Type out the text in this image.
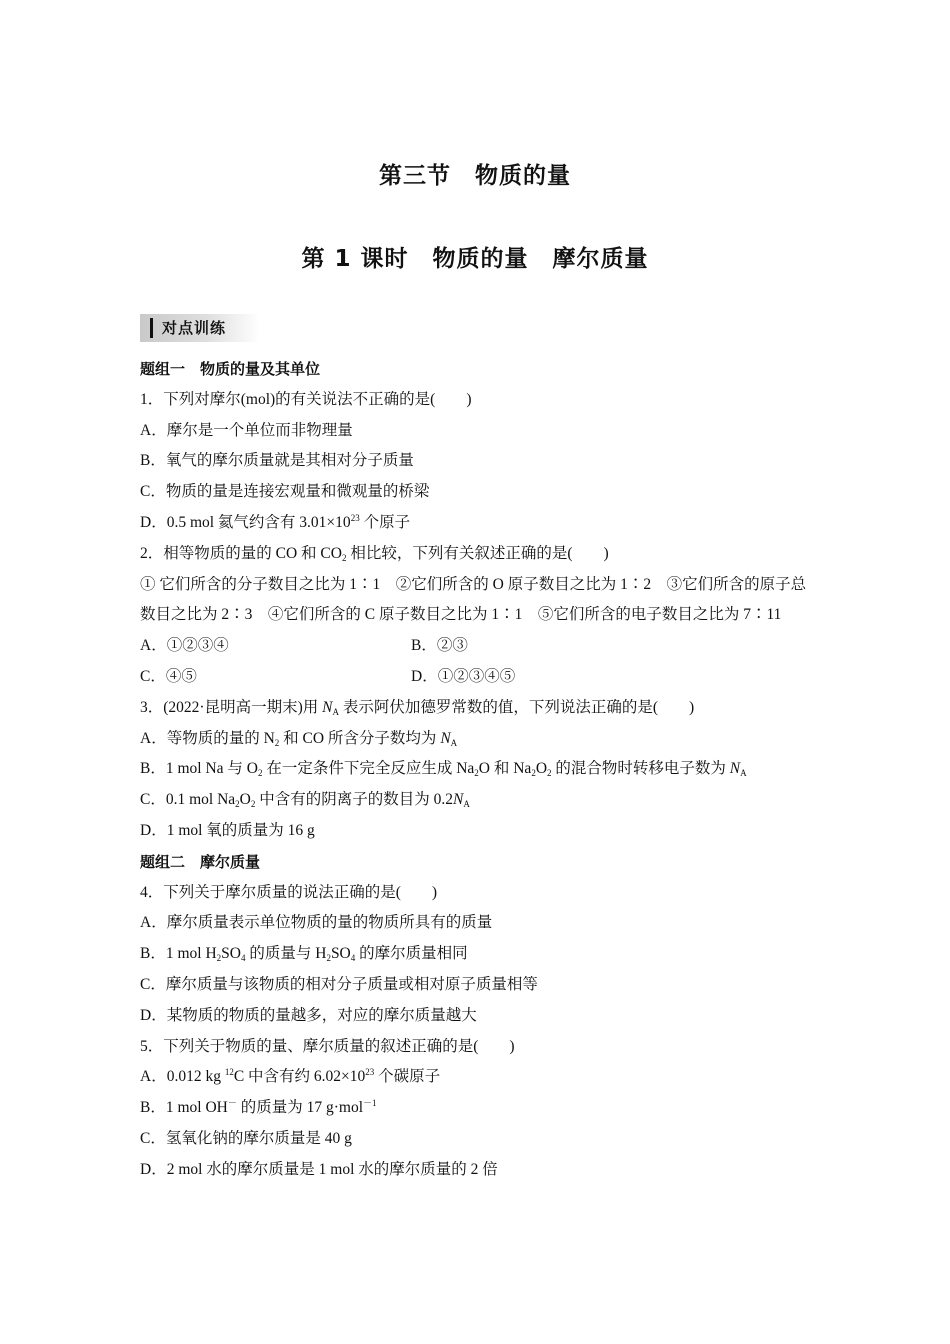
第三节　物质的量
第 1 课时　物质的量　摩尔质量
对点训练
题组一　物质的量及其单位
1．下列对摩尔(mol)的有关说法不正确的是(　　)
A．摩尔是一个单位而非物理量
B．氧气的摩尔质量就是其相对分子质量
C．物质的量是连接宏观量和微观量的桥梁
D．0.5 mol 氦气约含有 $3.01\times 10^{23}$ 个原子
2．相等物质的量的 CO 和 $CO_2$ 相比较，下列有关叙述正确的是(　　)
① 它们所含的分子数目之比为 1∶1　②它们所含的 O 原子数目之比为 1∶2　③它们所含的原子总数目之比为 2∶3　④它们所含的 C 原子数目之比为 1∶1　⑤它们所含的电子数目之比为 7∶11
A．①②③④	B．②③
C．④⑤	D．①②③④⑤
3．(2022·昆明高一期末)用 $N_A$ 表示阿伏加德罗常数的值，下列说法正确的是(　　)
A．等物质的量的 $N_2$ 和 CO 所含分子数均为 $N_A$
B．1 mol Na 与 $O_2$ 在一定条件下完全反应生成 $Na_2O$ 和 $Na_2O_2$ 的混合物时转移电子数为 $N_A$
C．0.1 mol $Na_2O_2$ 中含有的阴离子的数目为 $0.2N_A$
D．1 mol 氧的质量为 16 g
题组二　摩尔质量
4．下列关于摩尔质量的说法正确的是(　　)
A．摩尔质量表示单位物质的量的物质所具有的质量
B．1 mol $H_2SO_4$ 的质量与 $H_2SO_4$ 的摩尔质量相同
C．摩尔质量与该物质的相对分子质量或相对原子质量相等
D．某物质的物质的量越多，对应的摩尔质量越大
5．下列关于物质的量、摩尔质量的叙述正确的是(　　)
A．0.012 kg $^{12}$C 中含有约 $6.02\times 10^{23}$ 个碳原子
B．1 mol OH－ 的质量为 17 g·mol$^{-1}$
C．氢氧化钠的摩尔质量是 40 g
D．2 mol 水的摩尔质量是 1 mol 水的摩尔质量的 2 倍
